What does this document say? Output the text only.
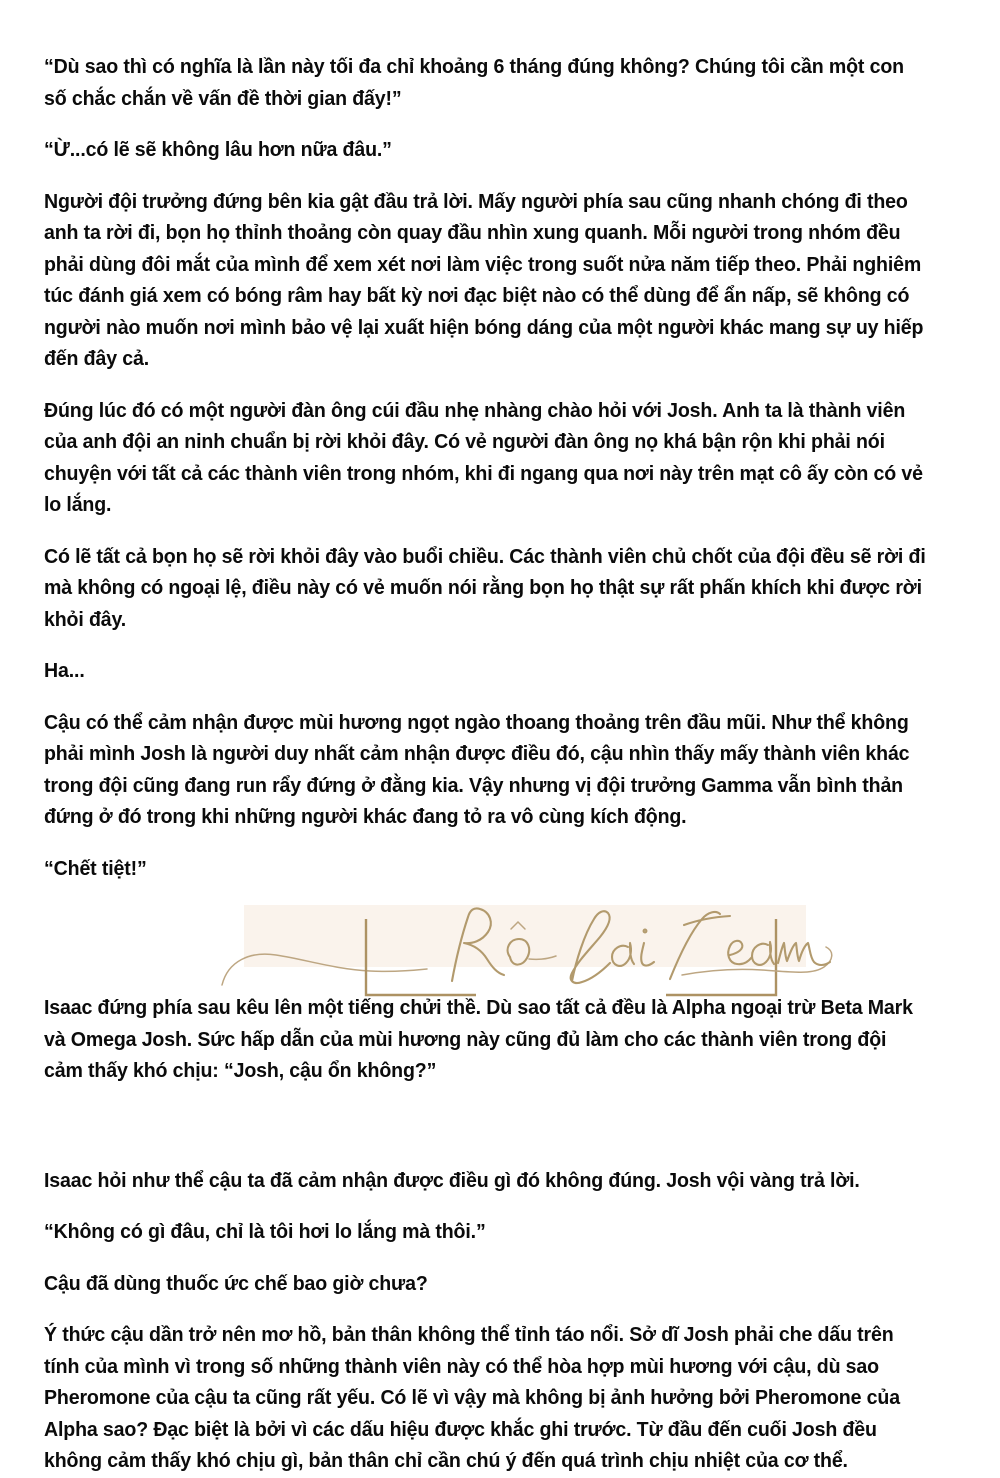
“Dù sao thì có nghĩa là lần này tối đa chỉ khoảng 6 tháng đúng không? Chúng tôi cần một con số chắc chắn về vấn đề thời gian đấy!”

“Ừ...có lẽ sẽ không lâu hơn nữa đâu.”

Người đội trưởng đứng bên kia gật đầu trả lời. Mấy người phía sau cũng nhanh chóng đi theo anh ta rời đi, bọn họ thỉnh thoảng còn quay đầu nhìn xung quanh. Mỗi người trong nhóm đều phải dùng đôi mắt của mình để xem xét nơi làm việc trong suốt nửa năm tiếp theo. Phải nghiêm túc đánh giá xem có bóng râm hay bất kỳ nơi đạc biệt nào có thể dùng để ẩn nấp, sẽ không có người nào muốn nơi mình bảo vệ lại xuất hiện bóng dáng của một người khác mang sự uy hiếp đến đây cả.

Đúng lúc đó có một người đàn ông cúi đầu nhẹ nhàng chào hỏi với Josh. Anh ta là thành viên của anh đội an ninh chuẩn bị rời khỏi đây. Có vẻ người đàn ông nọ khá bận rộn khi phải nói chuyện với tất cả các thành viên trong nhóm, khi đi ngang qua nơi này trên mạt cô ấy còn có vẻ lo lắng.

Có lẽ tất cả bọn họ sẽ rời khỏi đây vào buổi chiều. Các thành viên chủ chốt của đội đều sẽ rời đi mà không có ngoại lệ, điều này có vẻ muốn nói rằng bọn họ thật sự rất phấn khích khi được rời khỏi đây.

Ha...

Cậu có thể cảm nhận được mùi hương ngọt ngào thoang thoảng trên đầu mũi. Như thể không phải mình Josh là người duy nhất cảm nhận được điều đó, cậu nhìn thấy mấy thành viên khác trong đội cũng đang run rẩy đứng ở đằng kia. Vậy nhưng vị đội trưởng Gamma vẫn bình thản đứng ở đó trong khi những người khác đang tỏ ra vô cùng kích động.

“Chết tiệt!”

Isaac đứng phía sau kêu lên một tiếng chửi thề. Dù sao tất cả đều là Alpha ngoại trừ Beta Mark và Omega Josh. Sức hấp dẫn của mùi hương này cũng đủ làm cho các thành viên trong đội cảm thấy khó chịu: “Josh, cậu ổn không?”

Isaac hỏi như thể cậu ta đã cảm nhận được điều gì đó không đúng. Josh vội vàng trả lời.

“Không có gì đâu, chỉ là tôi hơi lo lắng mà thôi.”

Cậu đã dùng thuốc ức chế bao giờ chưa?

Ý thức cậu dần trở nên mơ hồ, bản thân không thể tỉnh táo nổi. Sở dĩ Josh phải che dấu trên tính của mình vì trong số những thành viên này có thể hòa hợp mùi hương với cậu, dù sao Pheromone của cậu ta cũng rất yếu. Có lẽ vì vậy mà không bị ảnh hưởng bởi Pheromone của Alpha sao? Đạc biệt là bởi vì các dấu hiệu được khắc ghi trước. Từ đầu đến cuối Josh đều không cảm thấy khó chịu gì, bản thân chỉ cần chú ý đến quá trình chịu nhiệt của cơ thể.
